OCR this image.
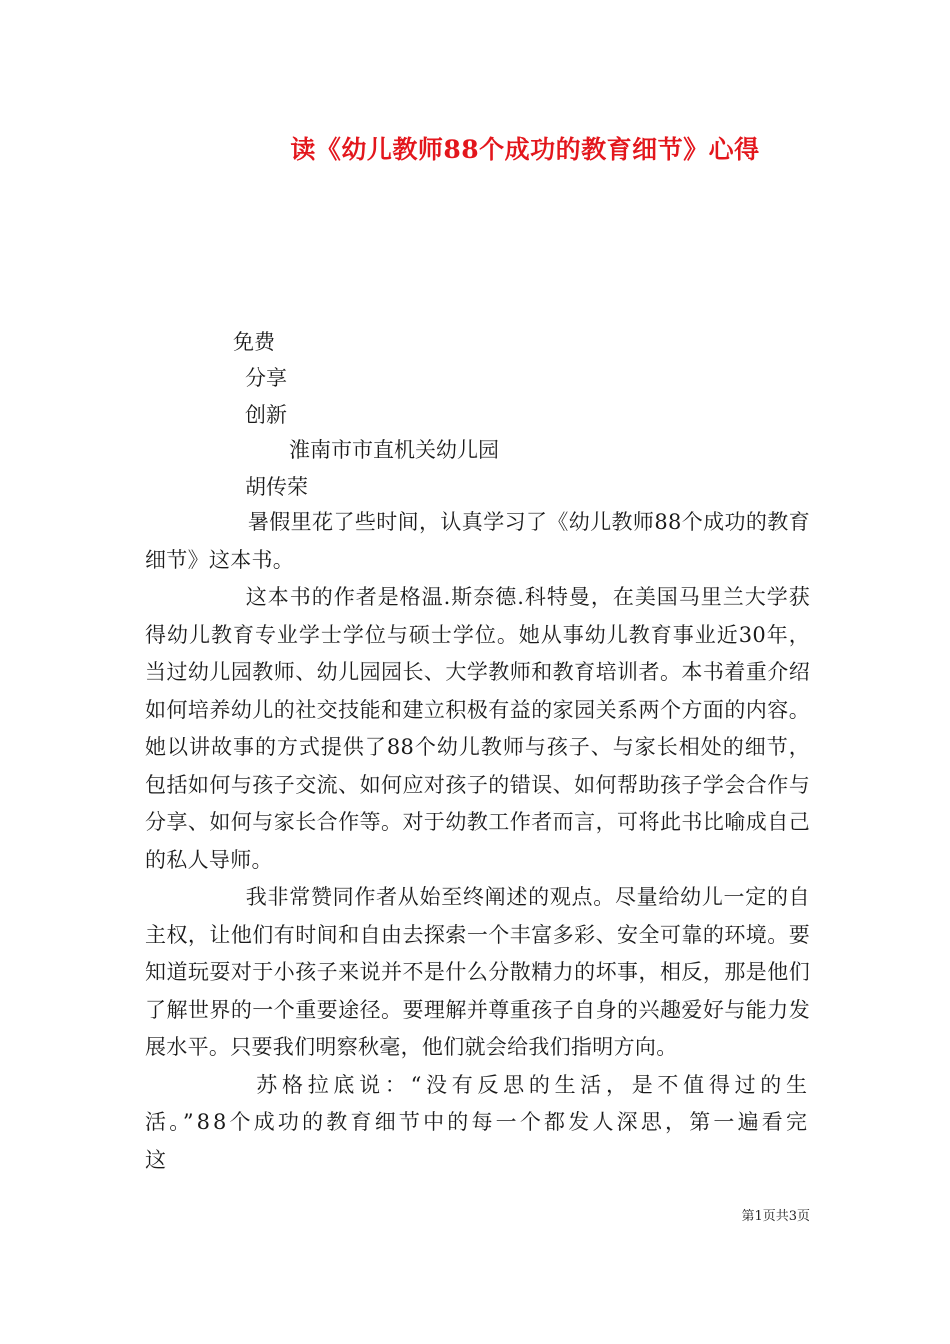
读《幼儿教师88个成功的教育细节》心得
免费
分享
创新
淮南市市直机关幼儿园
胡传荣

暑假里花了些时间，认真学习了《幼儿教师88个成功的教育细节》这本书。

这本书的作者是格温.斯奈德.科特曼，在美国马里兰大学获得幼儿教育专业学士学位与硕士学位。她从事幼儿教育事业近30年，当过幼儿园教师、幼儿园园长、大学教师和教育培训者。本书着重介绍如何培养幼儿的社交技能和建立积极有益的家园关系两个方面的内容。她以讲故事的方式提供了88个幼儿教师与孩子、与家长相处的细节，包括如何与孩子交流、如何应对孩子的错误、如何帮助孩子学会合作与分享、如何与家长合作等。对于幼教工作者而言，可将此书比喻成自己的私人导师。

我非常赞同作者从始至终阐述的观点。尽量给幼儿一定的自主权，让他们有时间和自由去探索一个丰富多彩、安全可靠的环境。要知道玩耍对于小孩子来说并不是什么分散精力的坏事，相反，那是他们了解世界的一个重要途径。要理解并尊重孩子自身的兴趣爱好与能力发展水平。只要我们明察秋毫，他们就会给我们指明方向。

苏格拉底说：“没有反思的生活，是不值得过的生活。”88个成功的教育细节中的每一个都发人深思，第一遍看完这

第1页共3页
